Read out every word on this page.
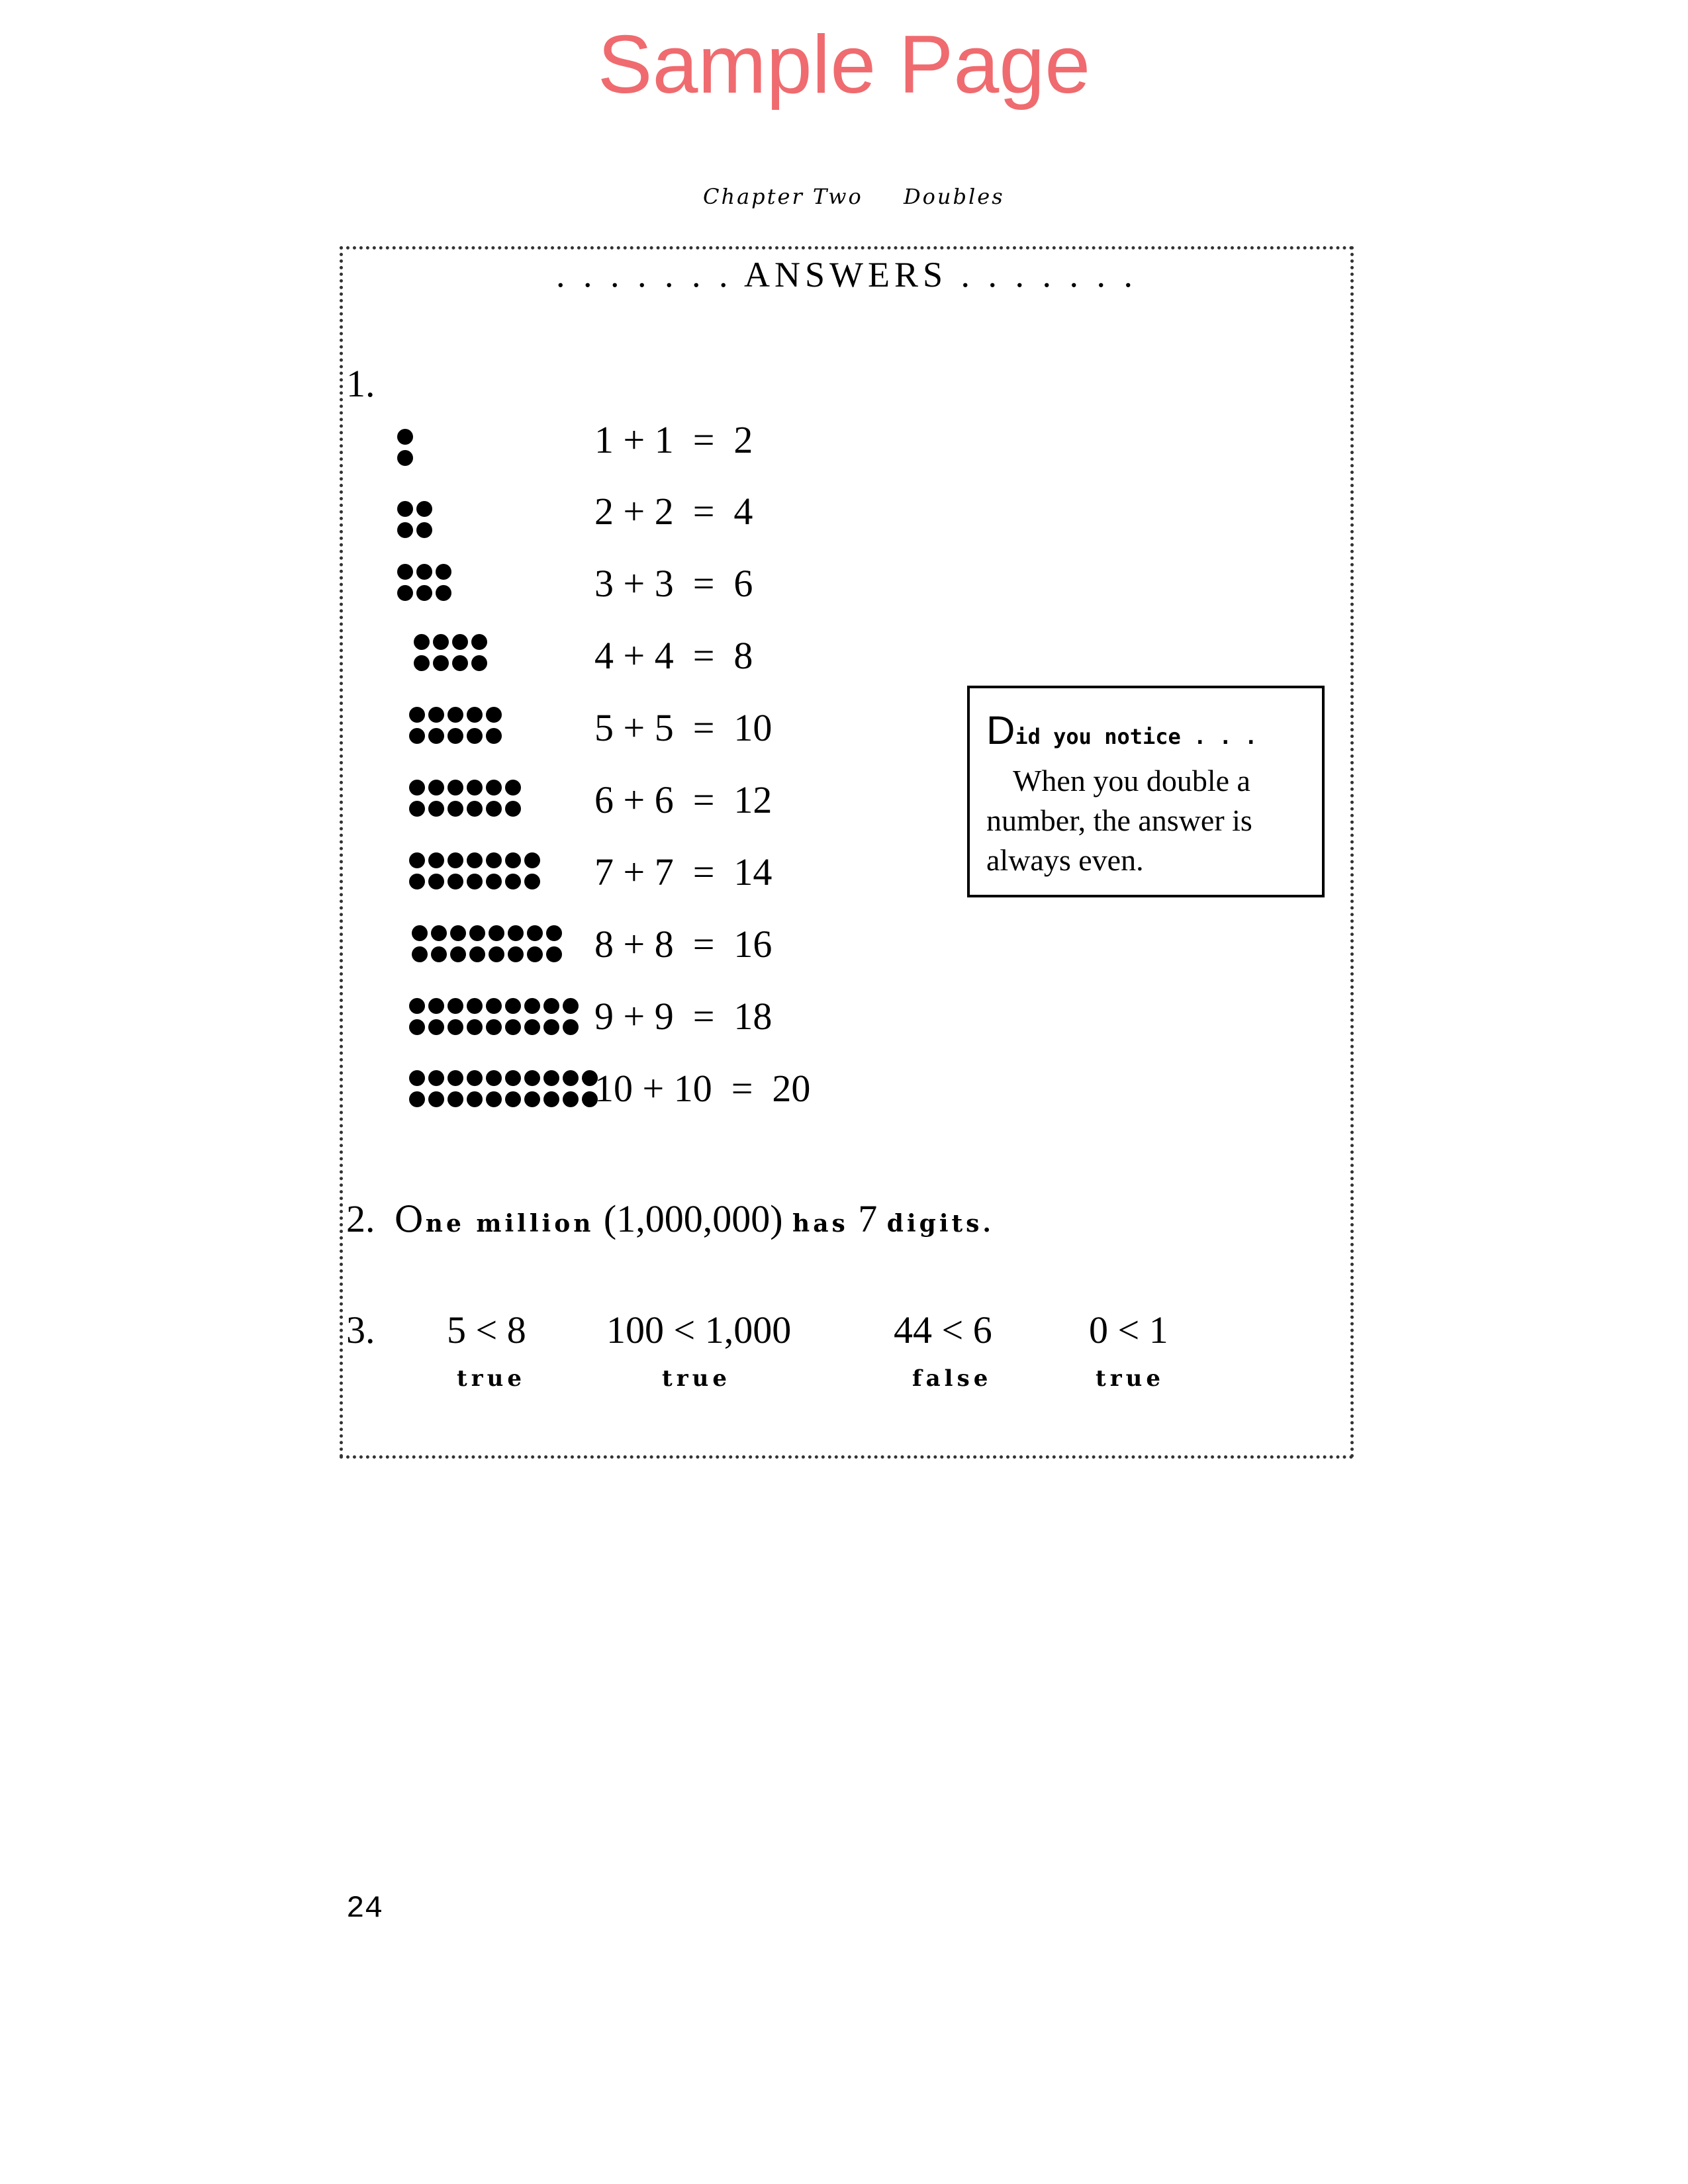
Sample Page
Chapter Two Doubles
. . . . . . . ANSWERS . . . . . . .
1.
1 + 1  =  2
2 + 2  =  4
3 + 3  =  6
4 + 4  =  8
5 + 5  =  10
6 + 6  =  12
7 + 7  =  14
8 + 8  =  16
9 + 9  =  18
10 + 10  =  20
Did you notice . . .
When you double a
number, the answer is
always even.
2. One million (1,000,000) has 7 digits.
3. 5 < 8
true
100 < 1,000
true
44 < 6
false
0 < 1
true
24
